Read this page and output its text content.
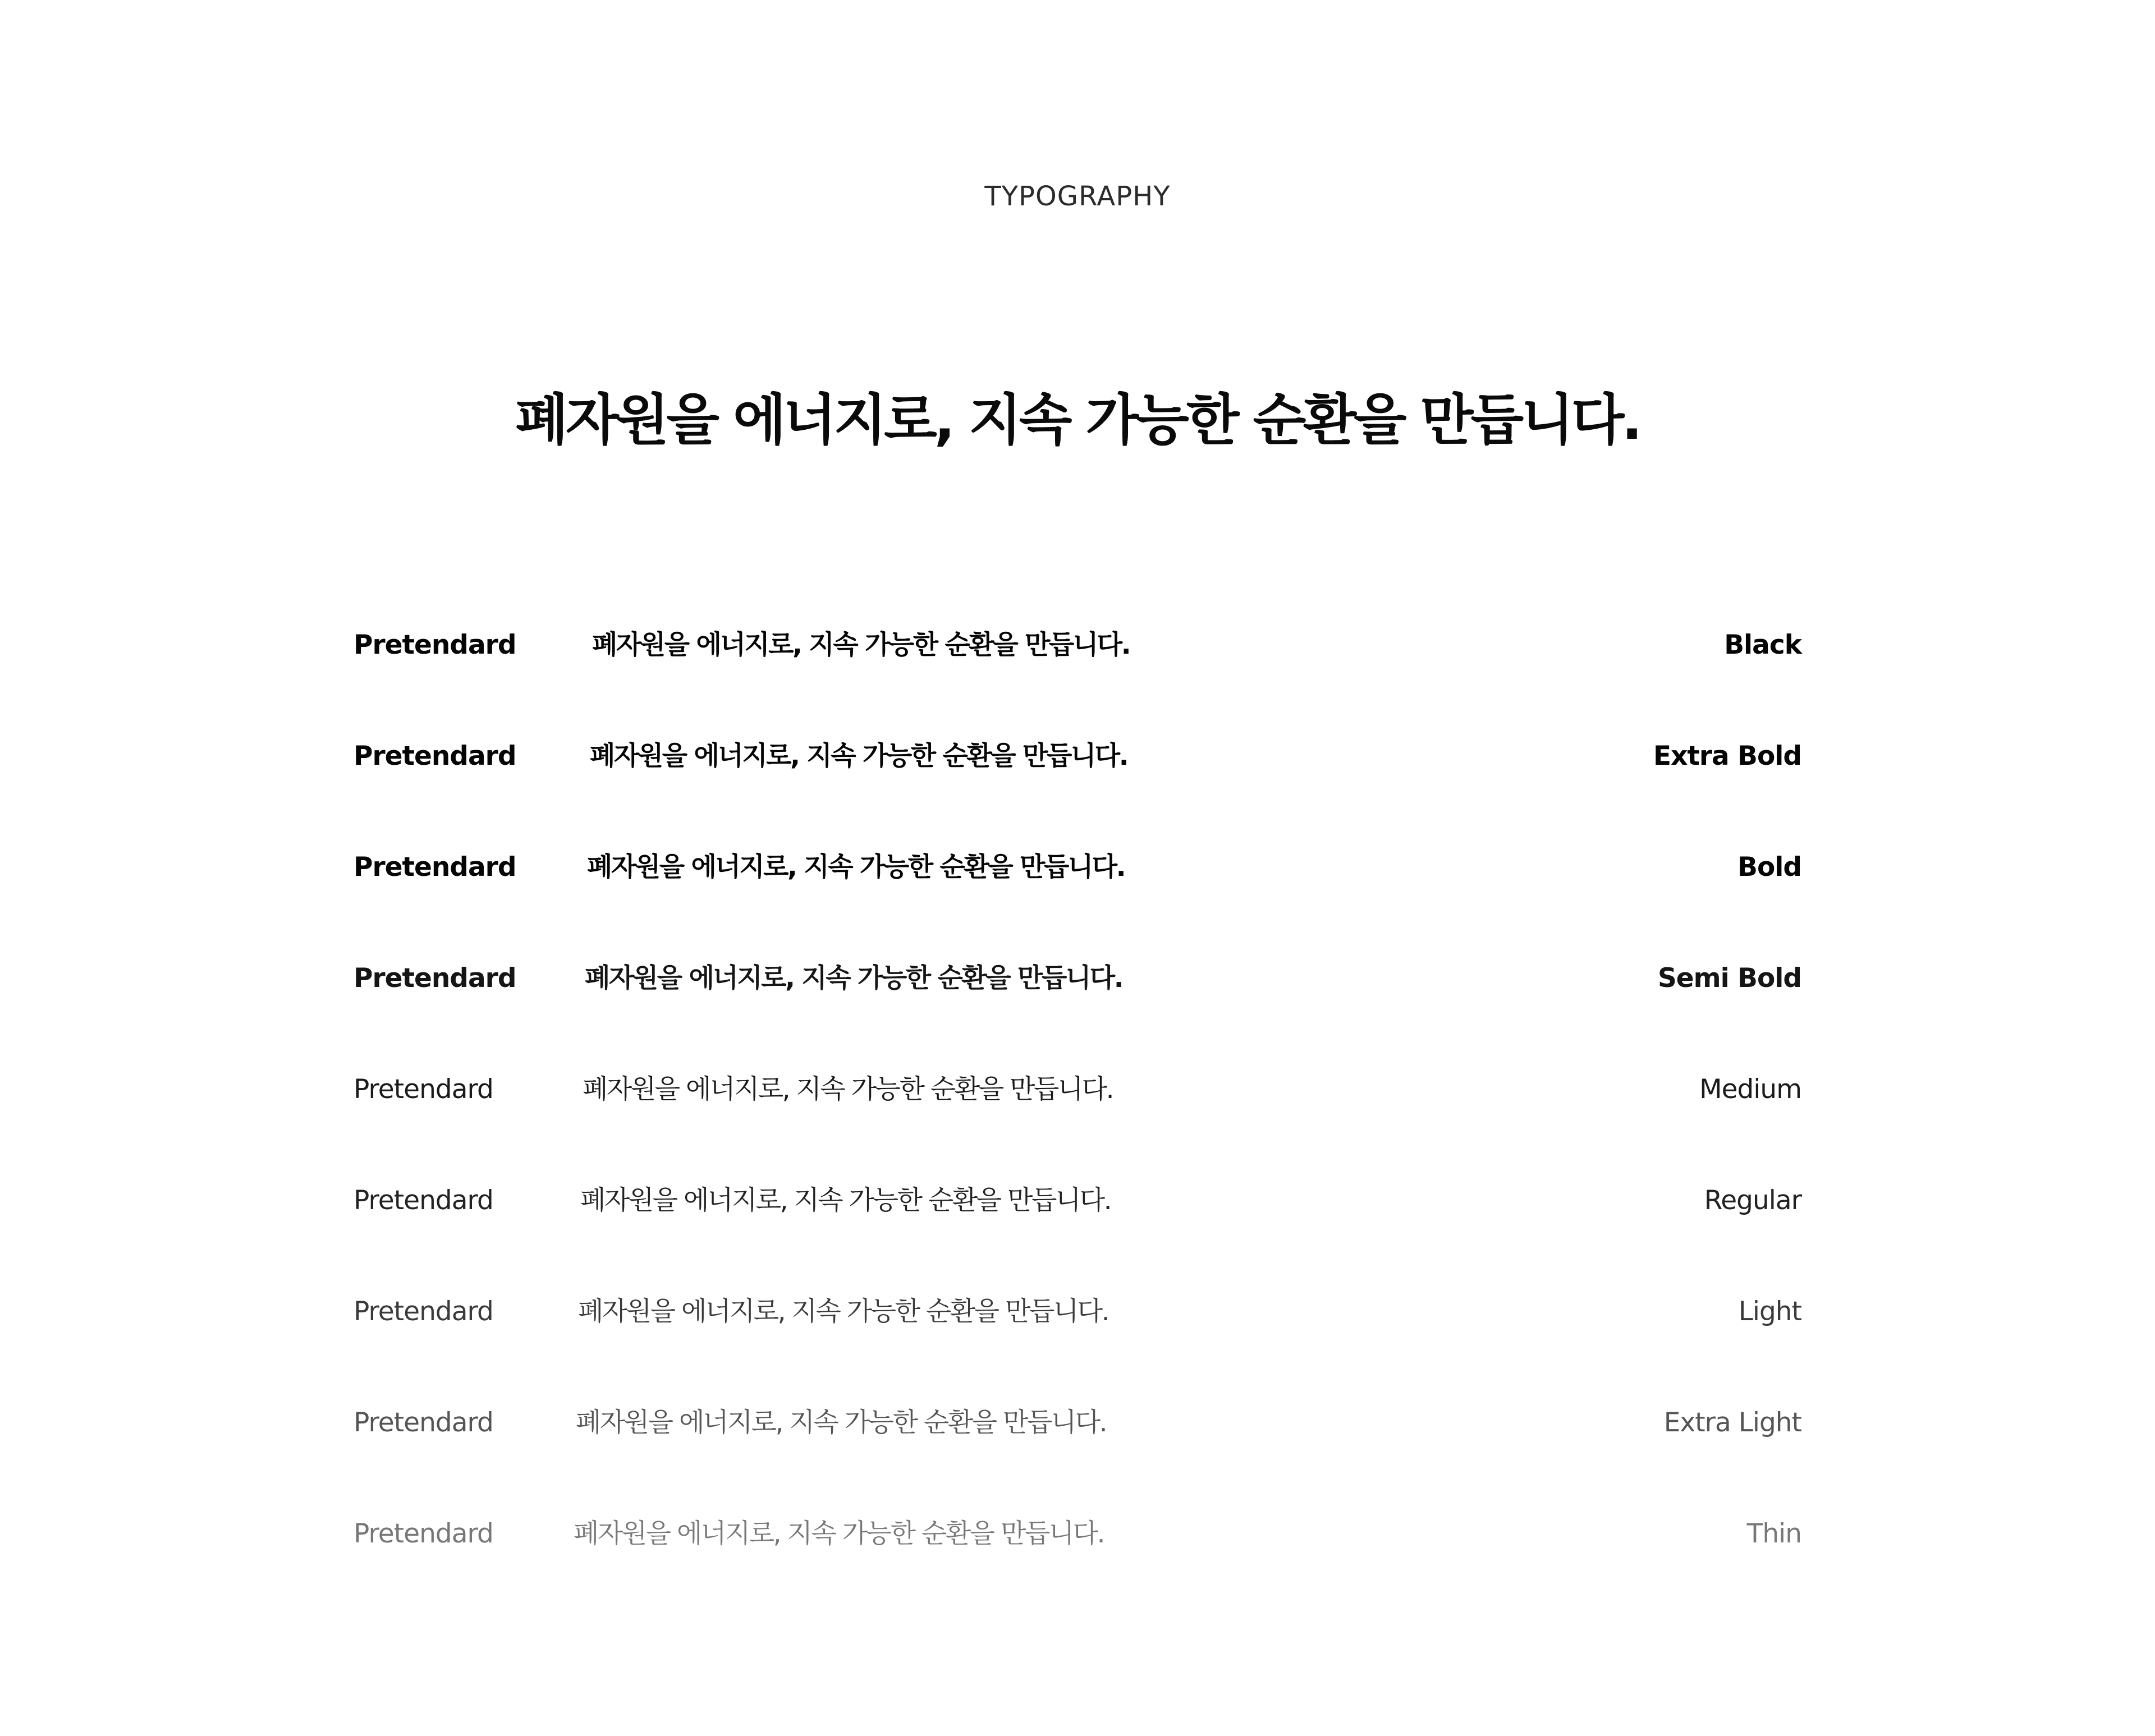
TYPOGRAPHY
폐자원을 에너지로, 지속 가능한 순환을 만듭니다.
Pretendard	폐자원을 에너지로, 지속 가능한 순환을 만듭니다.	Black
Pretendard	폐자원을 에너지로, 지속 가능한 순환을 만듭니다.	Extra Bold
Pretendard	폐자원을 에너지로, 지속 가능한 순환을 만듭니다.	Bold
Pretendard	폐자원을 에너지로, 지속 가능한 순환을 만듭니다.	Semi Bold
Pretendard	폐자원을 에너지로, 지속 가능한 순환을 만듭니다.	Medium
Pretendard	폐자원을 에너지로, 지속 가능한 순환을 만듭니다.	Regular
Pretendard	폐자원을 에너지로, 지속 가능한 순환을 만듭니다.	Light
Pretendard	폐자원을 에너지로, 지속 가능한 순환을 만듭니다.	Extra Light
Pretendard	폐자원을 에너지로, 지속 가능한 순환을 만듭니다.	Thin
